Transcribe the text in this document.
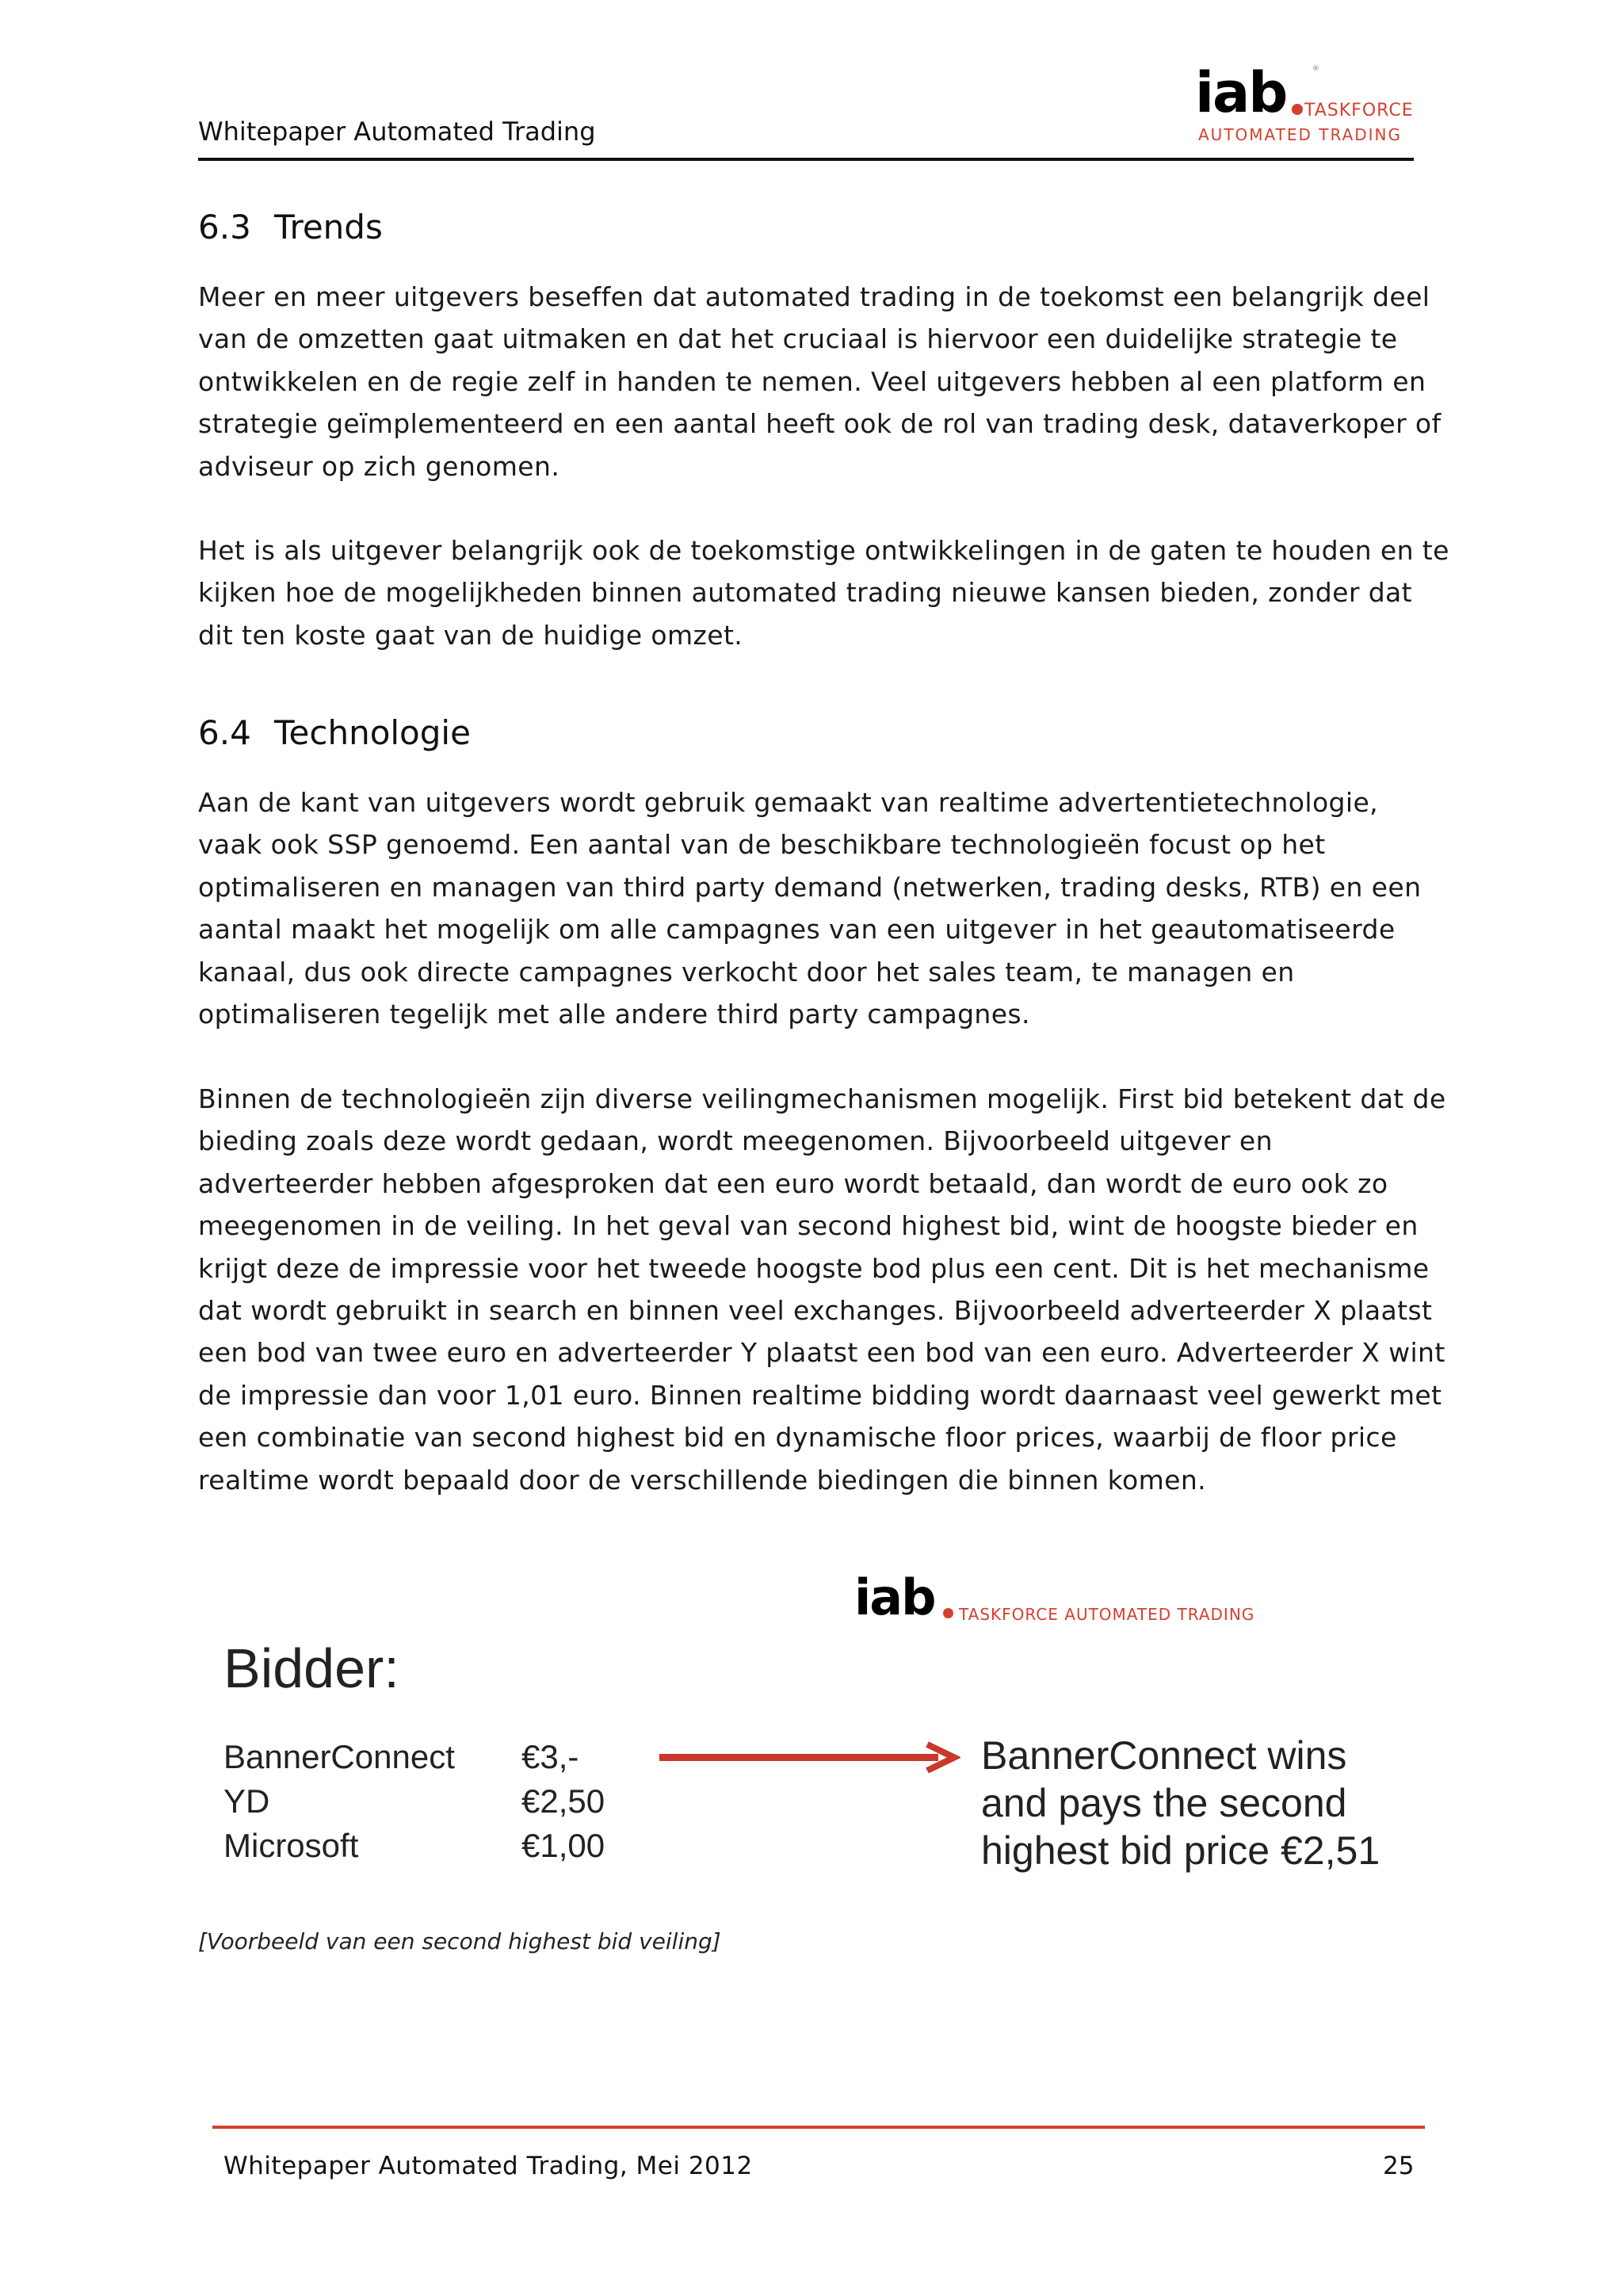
iab	®
TASKFORCE
AUTOMATED TRADING
Whitepaper Automated Trading
6.3 Trends

Meer en meer uitgevers beseffen dat automated trading in de toekomst een belangrijk deel van de omzetten gaat uitmaken en dat het cruciaal is hiervoor een duidelijke strategie te ontwikkelen en de regie zelf in handen te nemen. Veel uitgevers hebben al een platform en strategie geïmplementeerd en een aantal heeft ook de rol van trading desk, dataverkoper of adviseur op zich genomen.

Het is als uitgever belangrijk ook de toekomstige ontwikkelingen in de gaten te houden en te kijken hoe de mogelijkheden binnen automated trading nieuwe kansen bieden, zonder dat dit ten koste gaat van de huidige omzet.

6.4 Technologie

Aan de kant van uitgevers wordt gebruik gemaakt van realtime advertentietechnologie, vaak ook SSP genoemd. Een aantal van de beschikbare technologieën focust op het optimaliseren en managen van third party demand (netwerken, trading desks, RTB) en een aantal maakt het mogelijk om alle campagnes van een uitgever in het geautomatiseerde kanaal, dus ook directe campagnes verkocht door het sales team, te managen en optimaliseren tegelijk met alle andere third party campagnes.

Binnen de technologieën zijn diverse veilingmechanismen mogelijk. First bid betekent dat de bieding zoals deze wordt gedaan, wordt meegenomen. Bijvoorbeeld uitgever en adverteerder hebben afgesproken dat een euro wordt betaald, dan wordt de euro ook zo meegenomen in de veiling. In het geval van second highest bid, wint de hoogste bieder en krijgt deze de impressie voor het tweede hoogste bod plus een cent. Dit is het mechanisme dat wordt gebruikt in search en binnen veel exchanges. Bijvoorbeeld adverteerder X plaatst een bod van twee euro en adverteerder Y plaatst een bod van een euro. Adverteerder X wint de impressie dan voor 1,01 euro. Binnen realtime bidding wordt daarnaast veel gewerkt met een combinatie van second highest bid en dynamische floor prices, waarbij de floor price realtime wordt bepaald door de verschillende biedingen die binnen komen.

iab TASKFORCE AUTOMATED TRADING
Bidder:
BannerConnect €3,-
YD	€2,50
Microsoft	€1,00
BannerConnect wins
and pays the second
highest bid price €2,51
[Voorbeeld van een second highest bid veiling]
Whitepaper Automated Trading, Mei 2012	25
